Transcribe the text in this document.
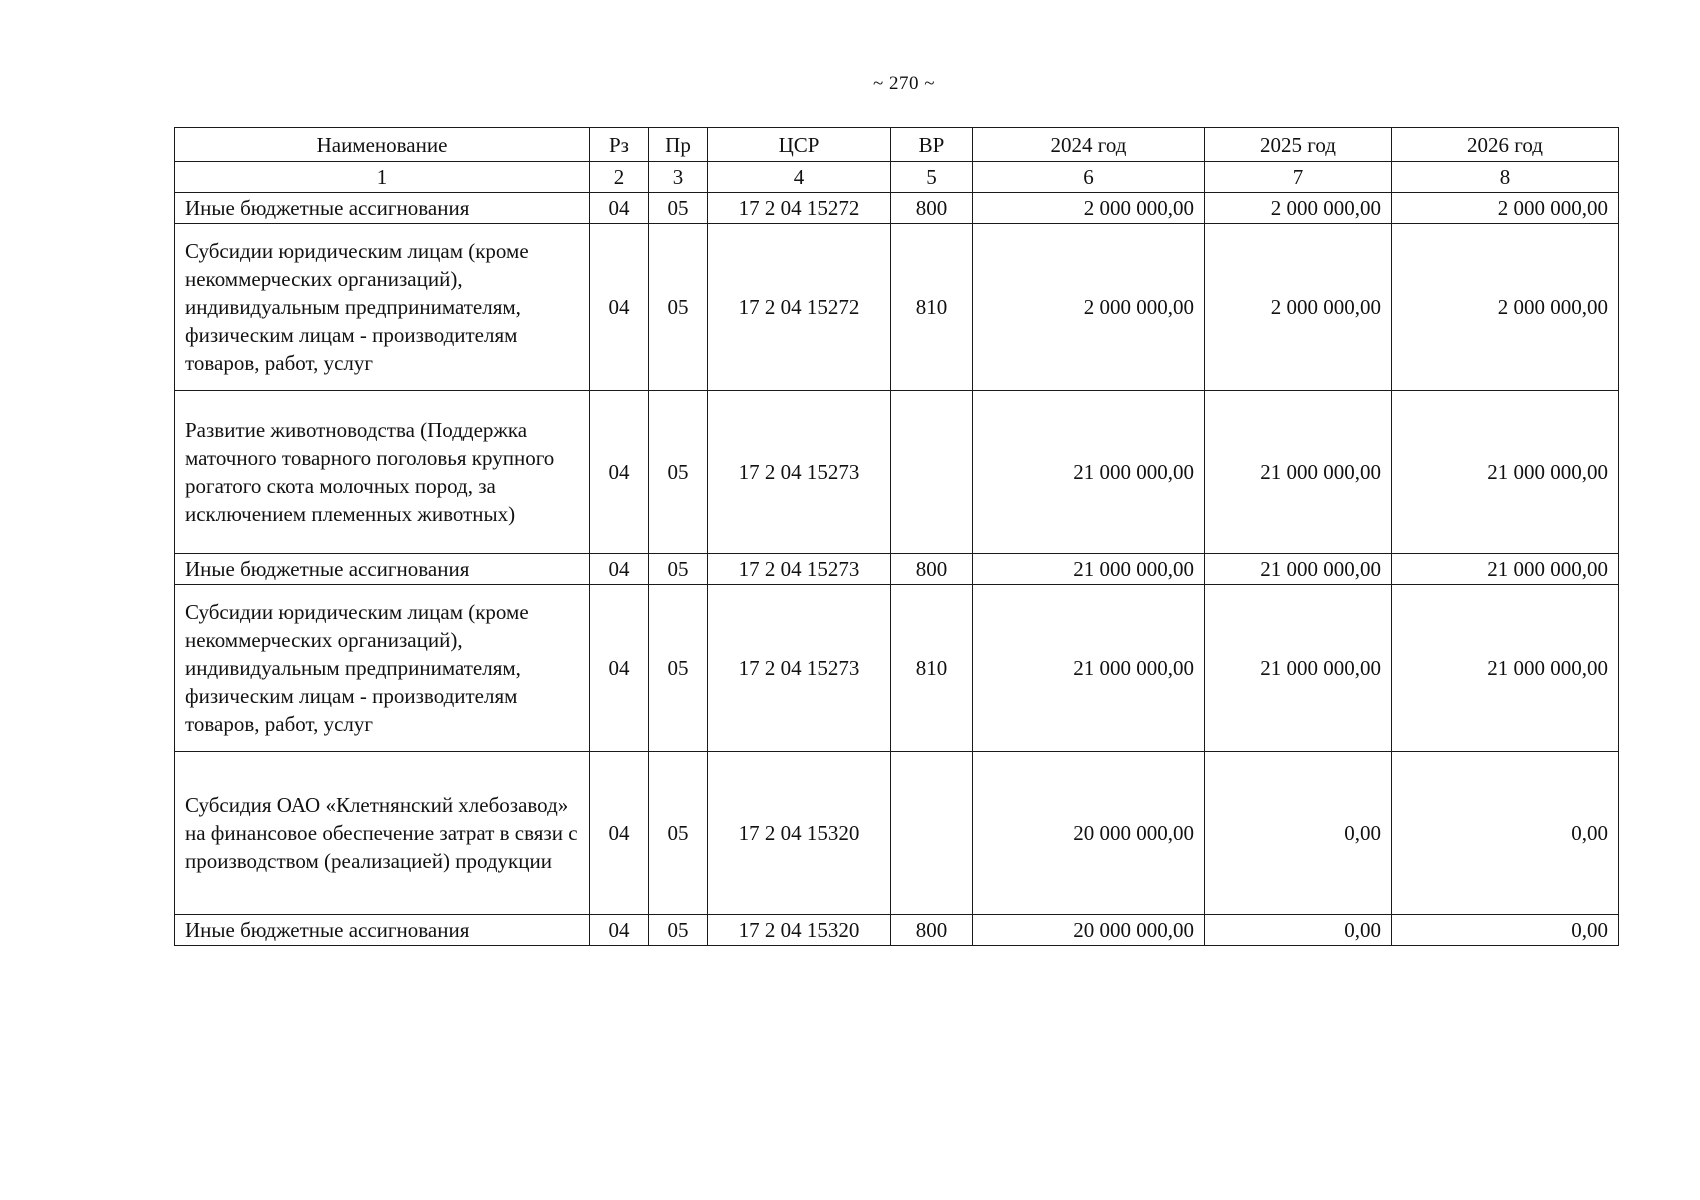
~ 270 ~
Наименование	Рз	Пр	ЦСР	ВР	2024 год	2025 год	2026 год
1	2	3	4	5	6	7	8
Иные бюджетные ассигнования	04	05	17 2 04 15272	800	2 000 000,00	2 000 000,00	2 000 000,00
Субсидии юридическим лицам (кроме некоммерческих организаций), индивидуальным предпринимателям, физическим лицам - производителям товаров, работ, услуг	04	05	17 2 04 15272	810	2 000 000,00	2 000 000,00	2 000 000,00
Развитие животноводства (Поддержка маточного товарного поголовья крупного рогатого скота молочных пород, за исключением племенных животных)	04	05	17 2 04 15273		21 000 000,00	21 000 000,00	21 000 000,00
Иные бюджетные ассигнования	04	05	17 2 04 15273	800	21 000 000,00	21 000 000,00	21 000 000,00
Субсидии юридическим лицам (кроме некоммерческих организаций), индивидуальным предпринимателям, физическим лицам - производителям товаров, работ, услуг	04	05	17 2 04 15273	810	21 000 000,00	21 000 000,00	21 000 000,00
Субсидия ОАО «Клетнянский хлебозавод» на финансовое обеспечение затрат в связи с производством (реализацией) продукции	04	05	17 2 04 15320		20 000 000,00	0,00	0,00
Иные бюджетные ассигнования	04	05	17 2 04 15320	800	20 000 000,00	0,00	0,00
